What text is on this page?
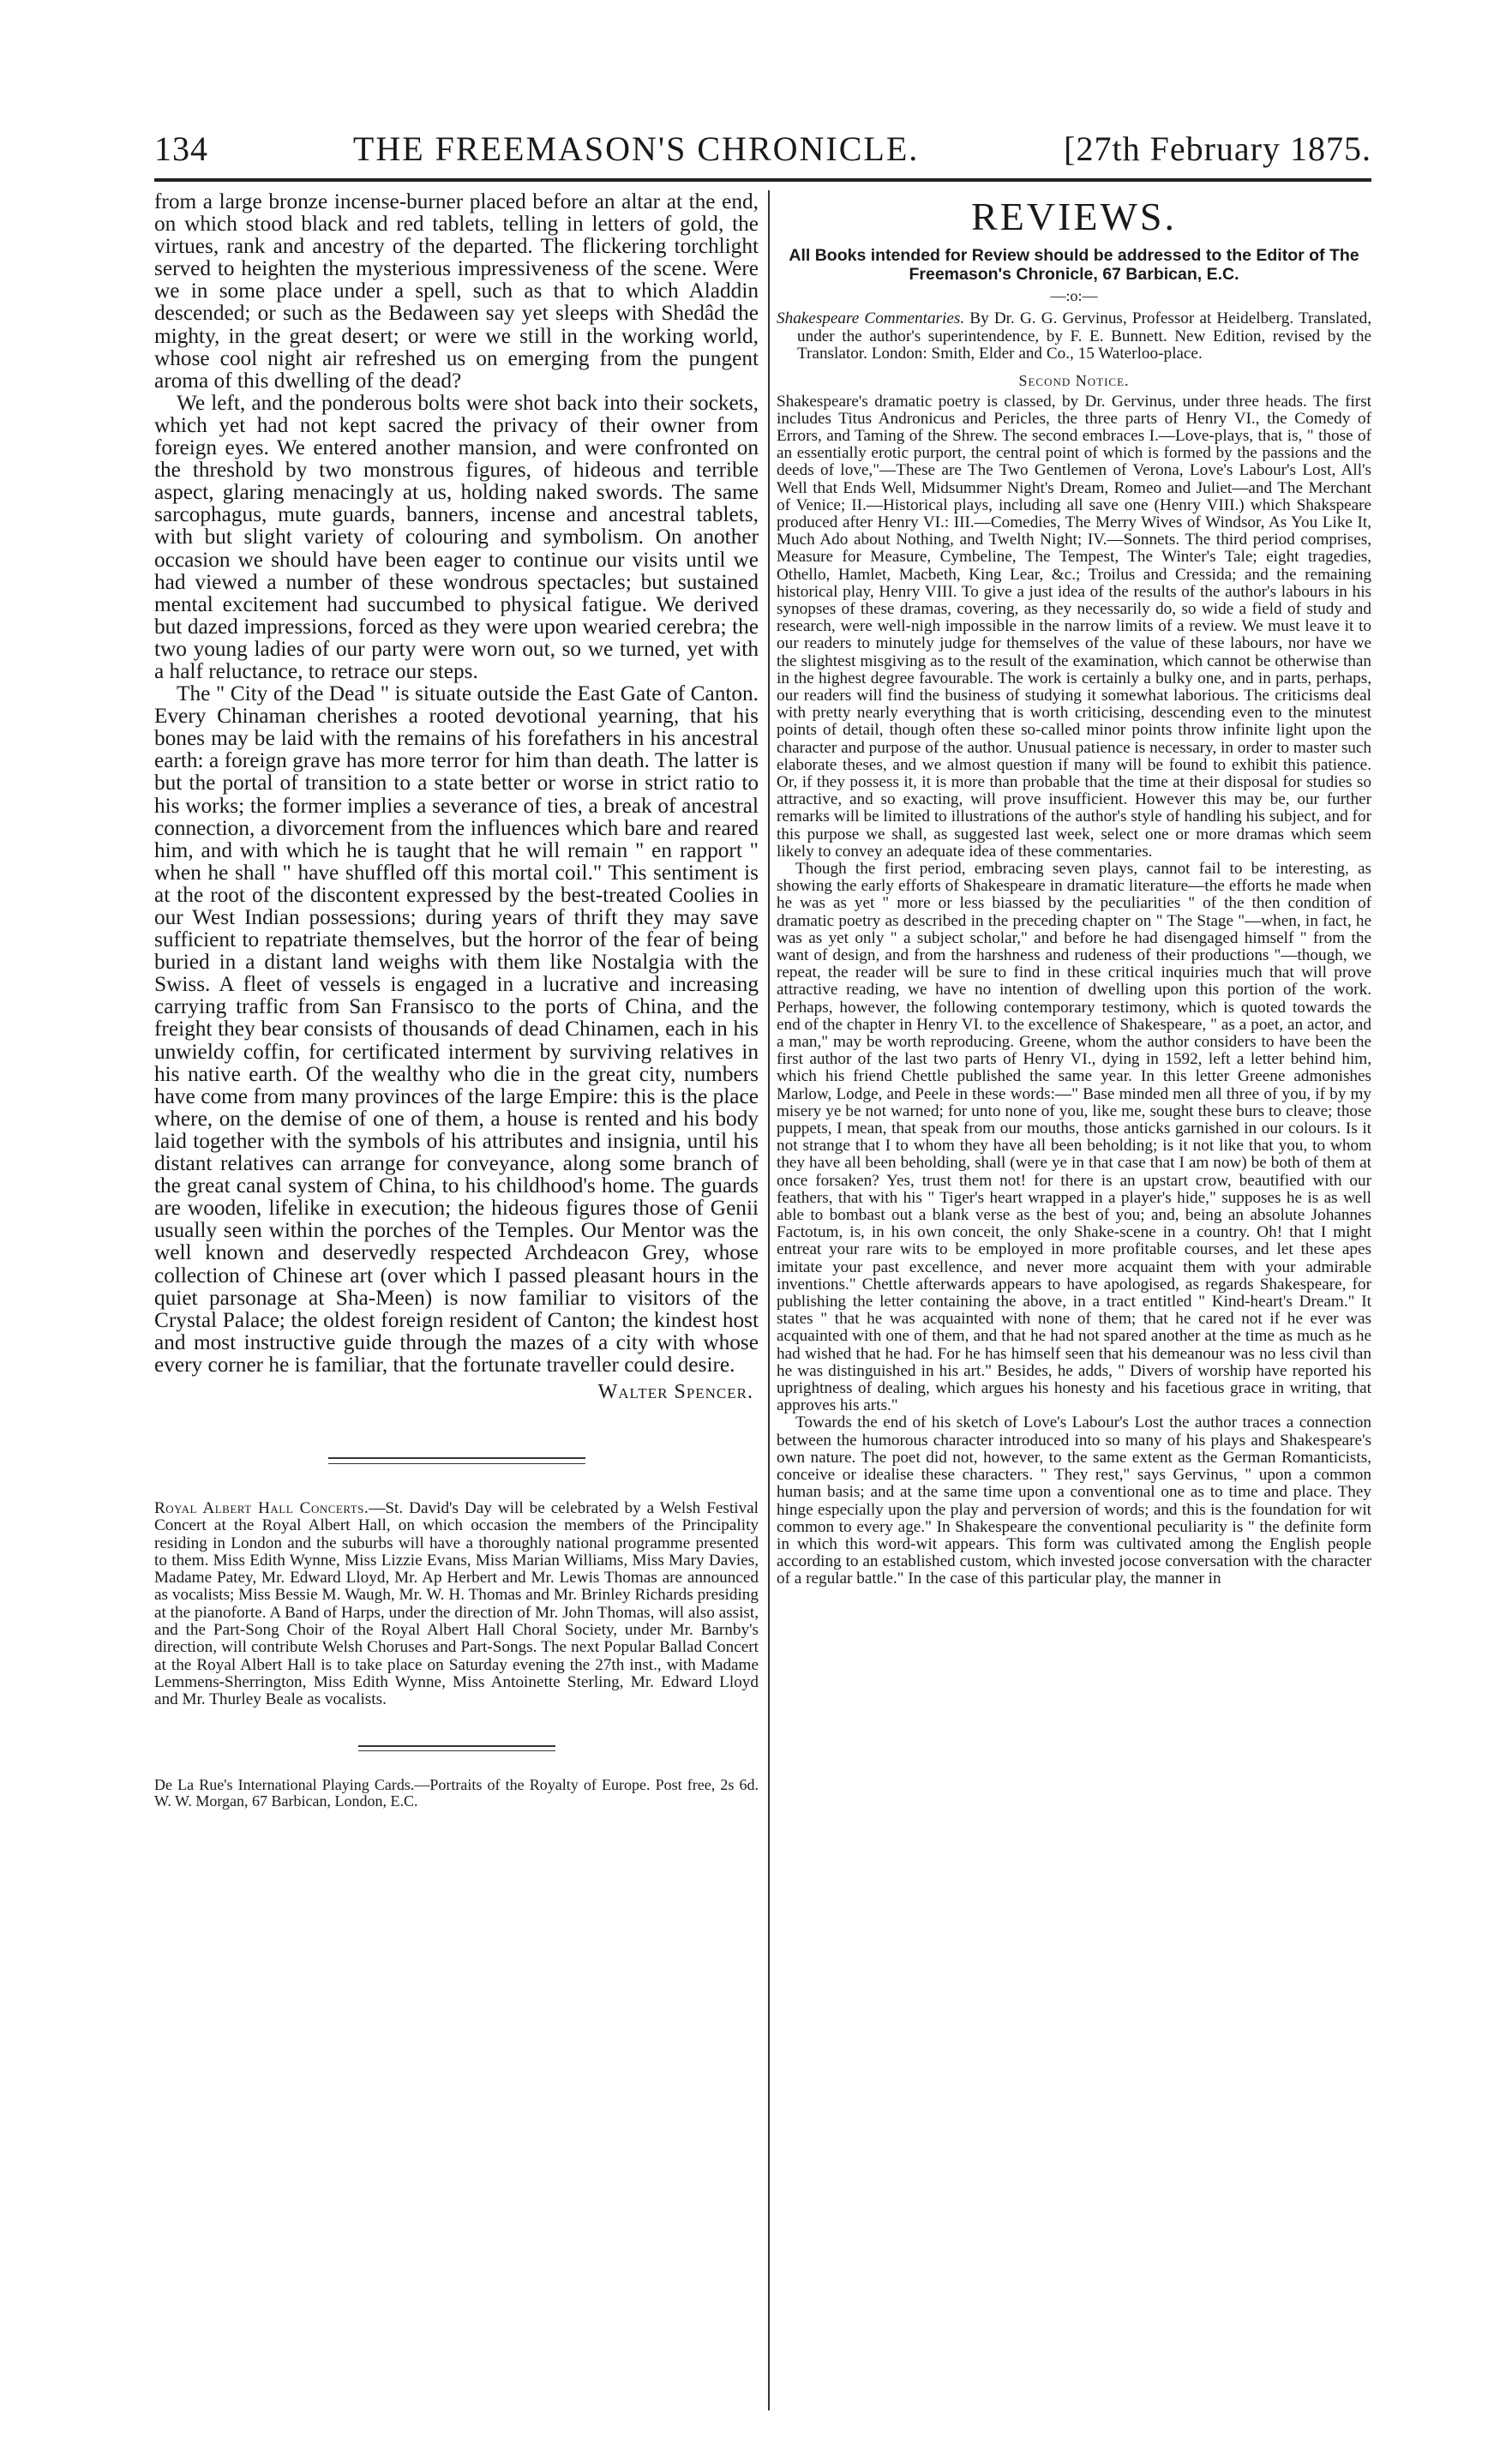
134	THE FREEMASON'S CHRONICLE.	[27th February 1875.

from a large bronze incense-burner placed before an altar at the end, on which stood black and red tablets, telling in letters of gold, the virtues, rank and ancestry of the departed. The flickering torchlight served to heighten the mysterious impressiveness of the scene. Were we in some place under a spell, such as that to which Aladdin descended; or such as the Bedaween say yet sleeps with Shedâd the mighty, in the great desert; or were we still in the working world, whose cool night air refreshed us on emerging from the pungent aroma of this dwelling of the dead?

We left, and the ponderous bolts were shot back into their sockets, which yet had not kept sacred the privacy of their owner from foreign eyes. We entered another mansion, and were confronted on the threshold by two monstrous figures, of hideous and terrible aspect, glaring menacingly at us, holding naked swords. The same sarcophagus, mute guards, banners, incense and ancestral tablets, with but slight variety of colouring and symbolism. On another occasion we should have been eager to continue our visits until we had viewed a number of these wondrous spectacles; but sustained mental excitement had succumbed to physical fatigue. We derived but dazed impressions, forced as they were upon wearied cerebra; the two young ladies of our party were worn out, so we turned, yet with a half reluctance, to retrace our steps.

The " City of the Dead " is situate outside the East Gate of Canton. Every Chinaman cherishes a rooted devotional yearning, that his bones may be laid with the remains of his forefathers in his ancestral earth: a foreign grave has more terror for him than death. The latter is but the portal of transition to a state better or worse in strict ratio to his works; the former implies a severance of ties, a break of ancestral connection, a divorcement from the influences which bare and reared him, and with which he is taught that he will remain " en rapport " when he shall " have shuffled off this mortal coil." This sentiment is at the root of the discontent expressed by the best-treated Coolies in our West Indian possessions; during years of thrift they may save sufficient to repatriate themselves, but the horror of the fear of being buried in a distant land weighs with them like Nostalgia with the Swiss. A fleet of vessels is engaged in a lucrative and increasing carrying traffic from San Fransisco to the ports of China, and the freight they bear consists of thousands of dead Chinamen, each in his unwieldy coffin, for certificated interment by surviving relatives in his native earth. Of the wealthy who die in the great city, numbers have come from many provinces of the large Empire: this is the place where, on the demise of one of them, a house is rented and his body laid together with the symbols of his attributes and insignia, until his distant relatives can arrange for conveyance, along some branch of the great canal system of China, to his childhood's home. The guards are wooden, lifelike in execution; the hideous figures those of Genii usually seen within the porches of the Temples. Our Mentor was the well known and deservedly respected Archdeacon Grey, whose collection of Chinese art (over which I passed pleasant hours in the quiet parsonage at Sha-Meen) is now familiar to visitors of the Crystal Palace; the oldest foreign resident of Canton; the kindest host and most instructive guide through the mazes of a city with whose every corner he is familiar, that the fortunate traveller could desire.

Walter Spencer.

Royal Albert Hall Concerts.—St. David's Day will be celebrated by a Welsh Festival Concert at the Royal Albert Hall, on which occasion the members of the Principality residing in London and the suburbs will have a thoroughly national programme presented to them. Miss Edith Wynne, Miss Lizzie Evans, Miss Marian Williams, Miss Mary Davies, Madame Patey, Mr. Edward Lloyd, Mr. Ap Herbert and Mr. Lewis Thomas are announced as vocalists; Miss Bessie M. Waugh, Mr. W. H. Thomas and Mr. Brinley Richards presiding at the pianoforte. A Band of Harps, under the direction of Mr. John Thomas, will also assist, and the Part-Song Choir of the Royal Albert Hall Choral Society, under Mr. Barnby's direction, will contribute Welsh Choruses and Part-Songs. The next Popular Ballad Concert at the Royal Albert Hall is to take place on Saturday evening the 27th inst., with Madame Lemmens-Sherrington, Miss Edith Wynne, Miss Antoinette Sterling, Mr. Edward Lloyd and Mr. Thurley Beale as vocalists.

De La Rue's International Playing Cards.—Portraits of the Royalty of Europe. Post free, 2s 6d. W. W. Morgan, 67 Barbican, London, E.C.

REVIEWS.
All Books intended for Review should be addressed to the Editor of The Freemason's Chronicle, 67 Barbican, E.C.
—:o:—

Shakespeare Commentaries. By Dr. G. G. Gervinus, Professor at Heidelberg. Translated, under the author's superintendence, by F. E. Bunnett. New Edition, revised by the Translator. London: Smith, Elder and Co., 15 Waterloo-place.

Second Notice.

Shakespeare's dramatic poetry is classed, by Dr. Gervinus, under three heads. The first includes Titus Andronicus and Pericles, the three parts of Henry VI., the Comedy of Errors, and Taming of the Shrew. The second embraces I.—Love-plays, that is, " those of an essentially erotic purport, the central point of which is formed by the passions and the deeds of love,"—These are The Two Gentlemen of Verona, Love's Labour's Lost, All's Well that Ends Well, Midsummer Night's Dream, Romeo and Juliet—and The Merchant of Venice; II.—Historical plays, including all save one (Henry VIII.) which Shakspeare produced after Henry VI.: III.—Comedies, The Merry Wives of Windsor, As You Like It, Much Ado about Nothing, and Twelth Night; IV.—Sonnets. The third period comprises, Measure for Measure, Cymbeline, The Tempest, The Winter's Tale; eight tragedies, Othello, Hamlet, Macbeth, King Lear, &c.; Troilus and Cressida; and the remaining historical play, Henry VIII. To give a just idea of the results of the author's labours in his synopses of these dramas, covering, as they necessarily do, so wide a field of study and research, were well-nigh impossible in the narrow limits of a review. We must leave it to our readers to minutely judge for themselves of the value of these labours, nor have we the slightest misgiving as to the result of the examination, which cannot be otherwise than in the highest degree favourable. The work is certainly a bulky one, and in parts, perhaps, our readers will find the business of studying it somewhat laborious. The criticisms deal with pretty nearly everything that is worth criticising, descending even to the minutest points of detail, though often these so-called minor points throw infinite light upon the character and purpose of the author. Unusual patience is necessary, in order to master such elaborate theses, and we almost question if many will be found to exhibit this patience. Or, if they possess it, it is more than probable that the time at their disposal for studies so attractive, and so exacting, will prove insufficient. However this may be, our further remarks will be limited to illustrations of the author's style of handling his subject, and for this purpose we shall, as suggested last week, select one or more dramas which seem likely to convey an adequate idea of these commentaries.

Though the first period, embracing seven plays, cannot fail to be interesting, as showing the early efforts of Shakespeare in dramatic literature—the efforts he made when he was as yet " more or less biassed by the peculiarities " of the then condition of dramatic poetry as described in the preceding chapter on " The Stage "—when, in fact, he was as yet only " a subject scholar," and before he had disengaged himself " from the want of design, and from the harshness and rudeness of their productions "—though, we repeat, the reader will be sure to find in these critical inquiries much that will prove attractive reading, we have no intention of dwelling upon this portion of the work. Perhaps, however, the following contemporary testimony, which is quoted towards the end of the chapter in Henry VI. to the excellence of Shakespeare, " as a poet, an actor, and a man," may be worth reproducing. Greene, whom the author considers to have been the first author of the last two parts of Henry VI., dying in 1592, left a letter behind him, which his friend Chettle published the same year. In this letter Greene admonishes Marlow, Lodge, and Peele in these words:—" Base minded men all three of you, if by my misery ye be not warned; for unto none of you, like me, sought these burs to cleave; those puppets, I mean, that speak from our mouths, those anticks garnished in our colours. Is it not strange that I to whom they have all been beholding; is it not like that you, to whom they have all been beholding, shall (were ye in that case that I am now) be both of them at once forsaken? Yes, trust them not! for there is an upstart crow, beautified with our feathers, that with his " Tiger's heart wrapped in a player's hide," supposes he is as well able to bombast out a blank verse as the best of you; and, being an absolute Johannes Factotum, is, in his own conceit, the only Shake-scene in a country. Oh! that I might entreat your rare wits to be employed in more profitable courses, and let these apes imitate your past excellence, and never more acquaint them with your admirable inventions." Chettle afterwards appears to have apologised, as regards Shakespeare, for publishing the letter containing the above, in a tract entitled " Kind-heart's Dream." It states " that he was acquainted with none of them; that he cared not if he ever was acquainted with one of them, and that he had not spared another at the time as much as he had wished that he had. For he has himself seen that his demeanour was no less civil than he was distinguished in his art." Besides, he adds, " Divers of worship have reported his uprightness of dealing, which argues his honesty and his facetious grace in writing, that approves his arts."

Towards the end of his sketch of Love's Labour's Lost the author traces a connection between the humorous character introduced into so many of his plays and Shakespeare's own nature. The poet did not, however, to the same extent as the German Romanticists, conceive or idealise these characters. " They rest," says Gervinus, " upon a common human basis; and at the same time upon a conventional one as to time and place. They hinge especially upon the play and perversion of words; and this is the foundation for wit common to every age." In Shakespeare the conventional peculiarity is " the definite form in which this word-wit appears. This form was cultivated among the English people according to an established custom, which invested jocose conversation with the character of a regular battle." In the case of this particular play, the manner in
